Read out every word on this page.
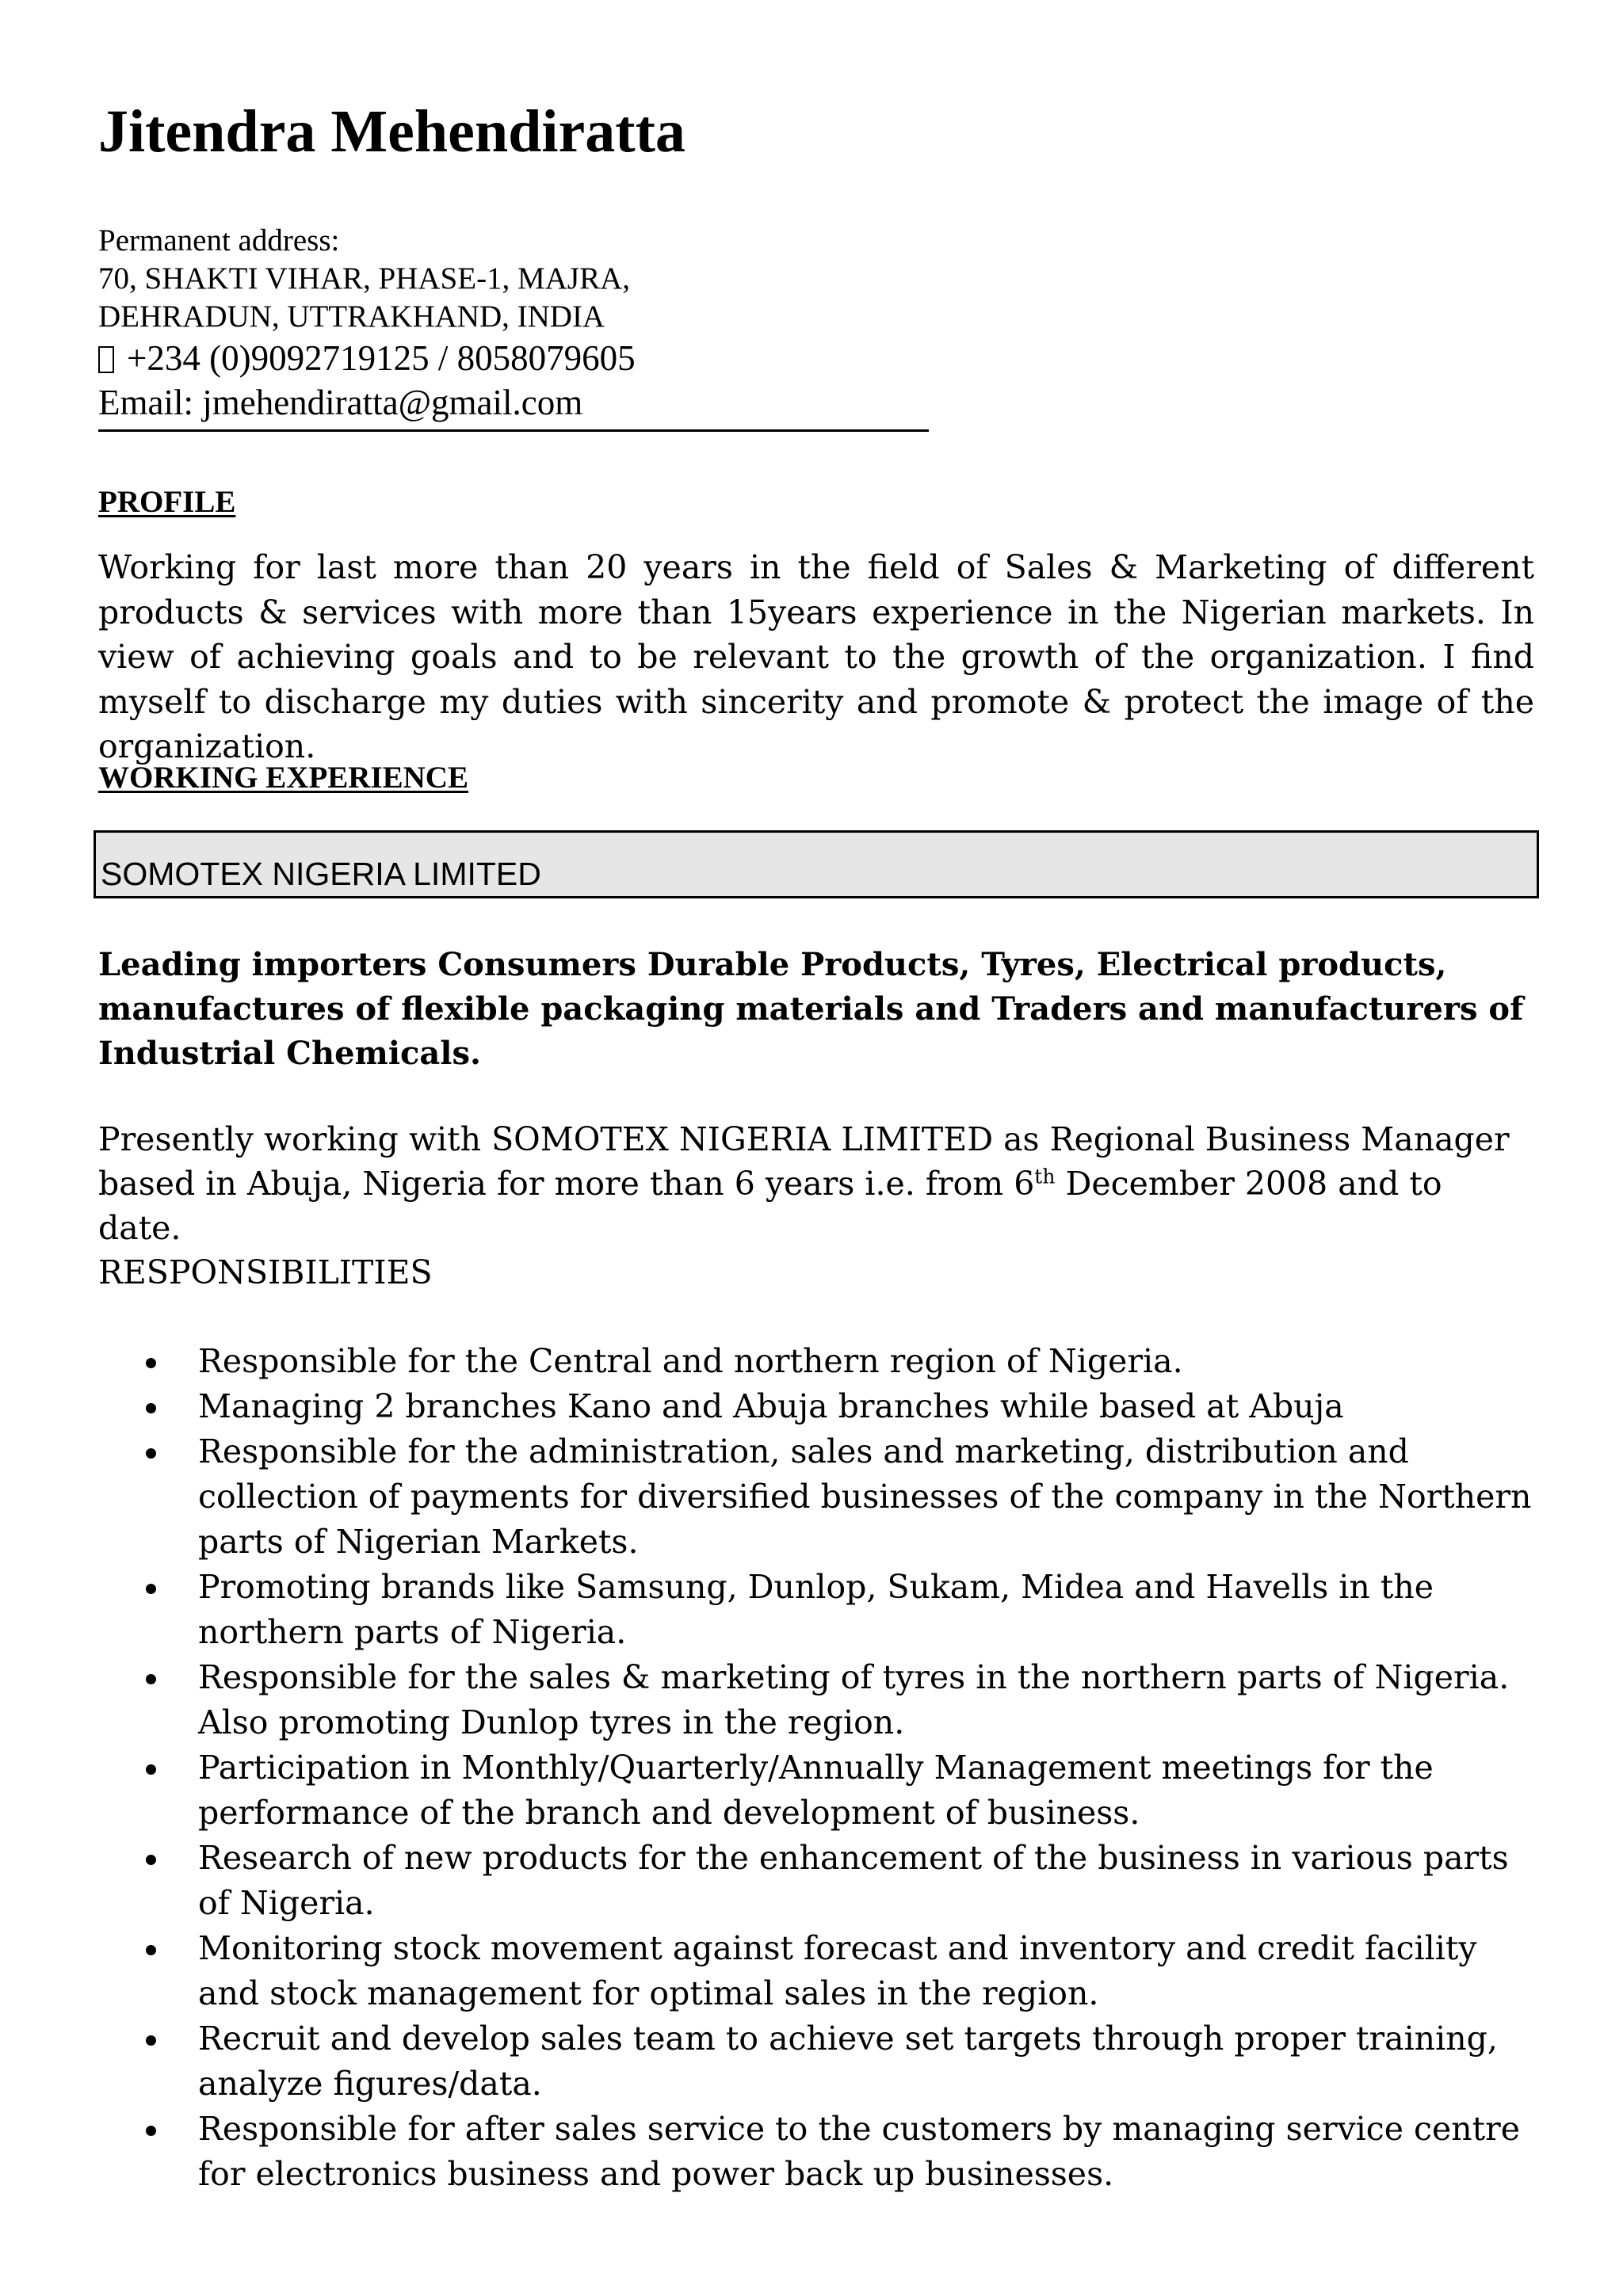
Jitendra Mehendiratta
Permanent address:
70, SHAKTI VIHAR, PHASE-1, MAJRA,
DEHRADUN, UTTRAKHAND, INDIA
+234 (0)9092719125 / 8058079605
Email: jmehendiratta@gmail.com
PROFILE

Working for last more than 20 years in the field of Sales & Marketing of different products & services with more than 15years experience in the Nigerian markets. In view of achieving goals and to be relevant to the growth of the organization. I find myself to discharge my duties with sincerity and promote & protect the image of the organization.

WORKING EXPERIENCE
SOMOTEX NIGERIA LIMITED
Leading importers Consumers Durable Products, Tyres, Electrical products, manufactures of flexible packaging materials and Traders and manufacturers of Industrial Chemicals.
Presently working with SOMOTEX NIGERIA LIMITED as Regional Business Manager based in Abuja, Nigeria for more than 6 years i.e. from 6th December 2008 and to date.
RESPONSIBILITIES
Responsible for the Central and northern region of Nigeria.
Managing 2 branches Kano and Abuja branches while based at Abuja
Responsible for the administration, sales and marketing, distribution and collection of payments for diversified businesses of the company in the Northern parts of Nigerian Markets.
Promoting brands like Samsung, Dunlop, Sukam, Midea and Havells in the northern parts of Nigeria.
Responsible for the sales & marketing of tyres in the northern parts of Nigeria. Also promoting Dunlop tyres in the region.
Participation in Monthly/Quarterly/Annually Management meetings for the performance of the branch and development of business.
Research of new products for the enhancement of the business in various parts of Nigeria.
Monitoring stock movement against forecast and inventory and credit facility and stock management for optimal sales in the region.
Recruit and develop sales team to achieve set targets through proper training, analyze figures/data.
Responsible for after sales service to the customers by managing service centre for electronics business and power back up businesses.
